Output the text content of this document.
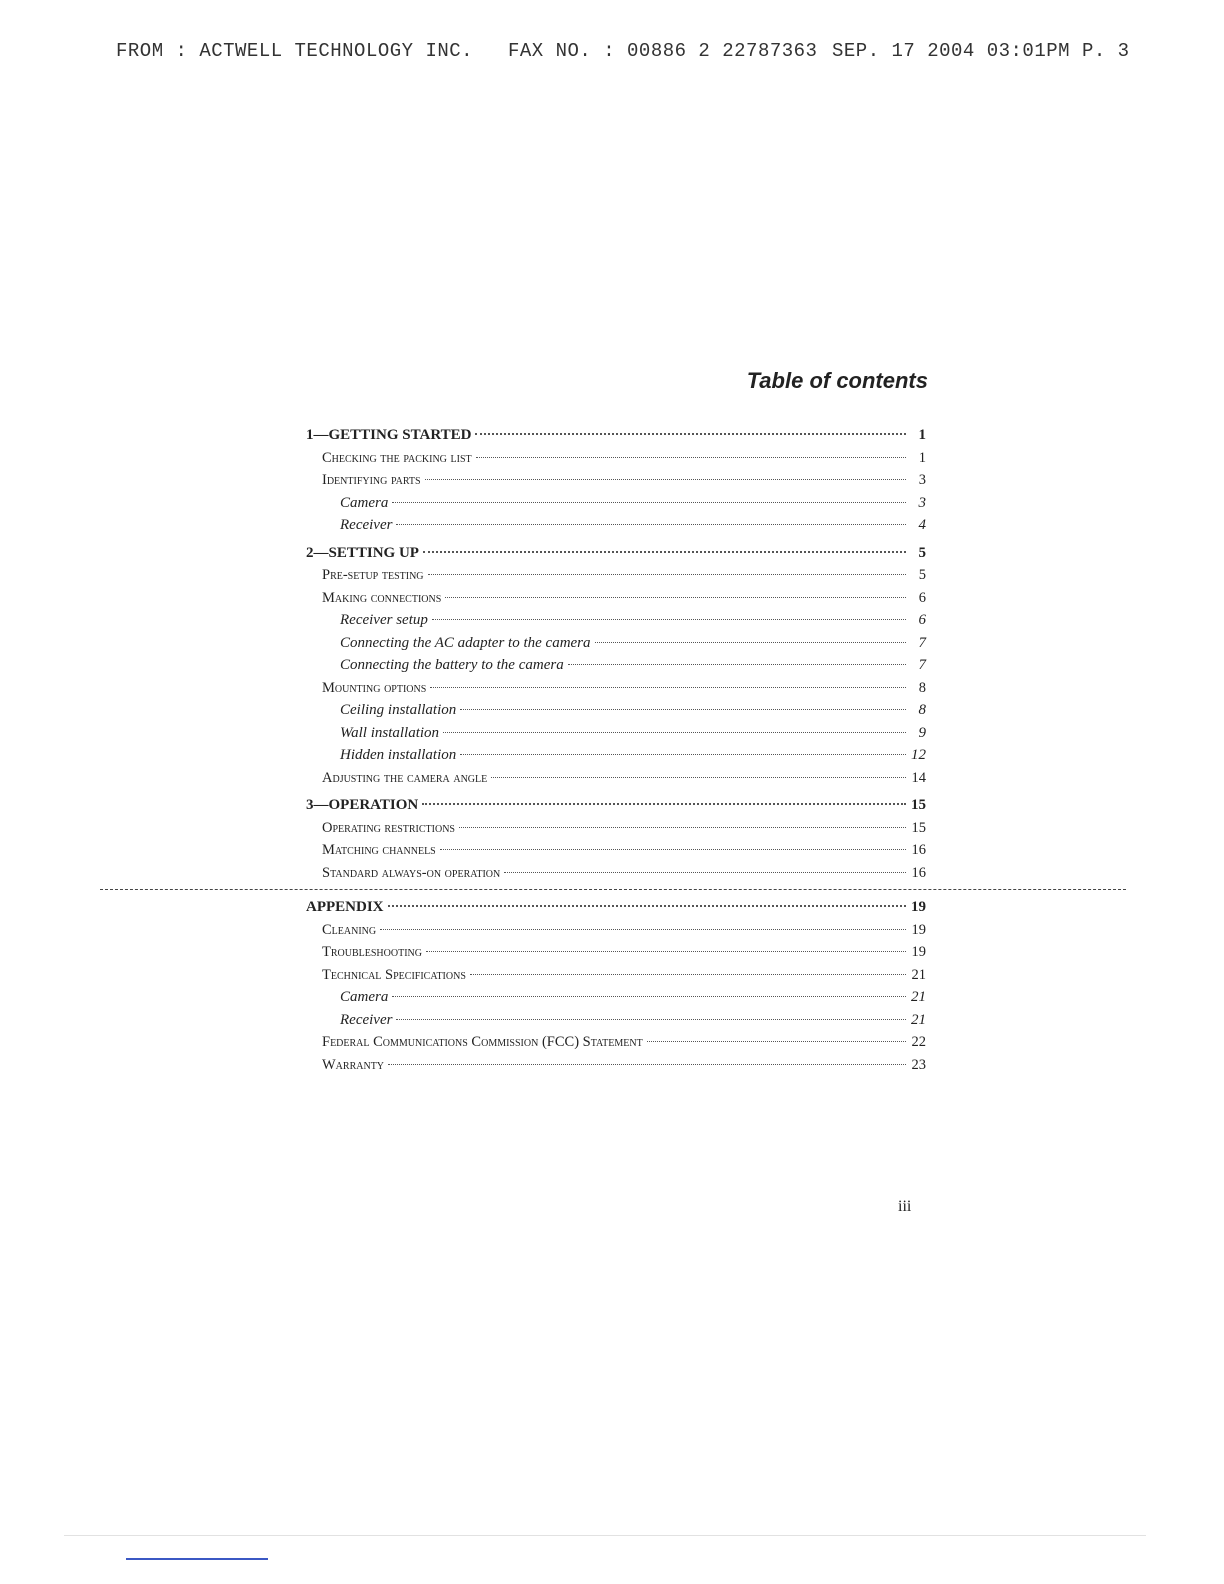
FROM : ACTWELL TECHNOLOGY INC. FAX NO. : 00886 2 22787363 SEP. 17 2004 03:01PM P. 3
Table of contents
1—GETTING STARTED	1
Checking the packing list	1
Identifying parts	3
Camera	3
Receiver	4
2—SETTING UP	5
Pre-setup testing	5
Making connections	6
Receiver setup	6
Connecting the AC adapter to the camera	7
Connecting the battery to the camera	7
Mounting options	8
Ceiling installation	8
Wall installation	9
Hidden installation	12
Adjusting the camera angle	14
3—OPERATION	15
Operating restrictions	15
Matching channels	16
Standard always-on operation	16
APPENDIX	19
Cleaning	19
Troubleshooting	19
Technical Specifications	21
Camera	21
Receiver	21
Federal Communications Commission (FCC) Statement	22
Warranty	23
iii
